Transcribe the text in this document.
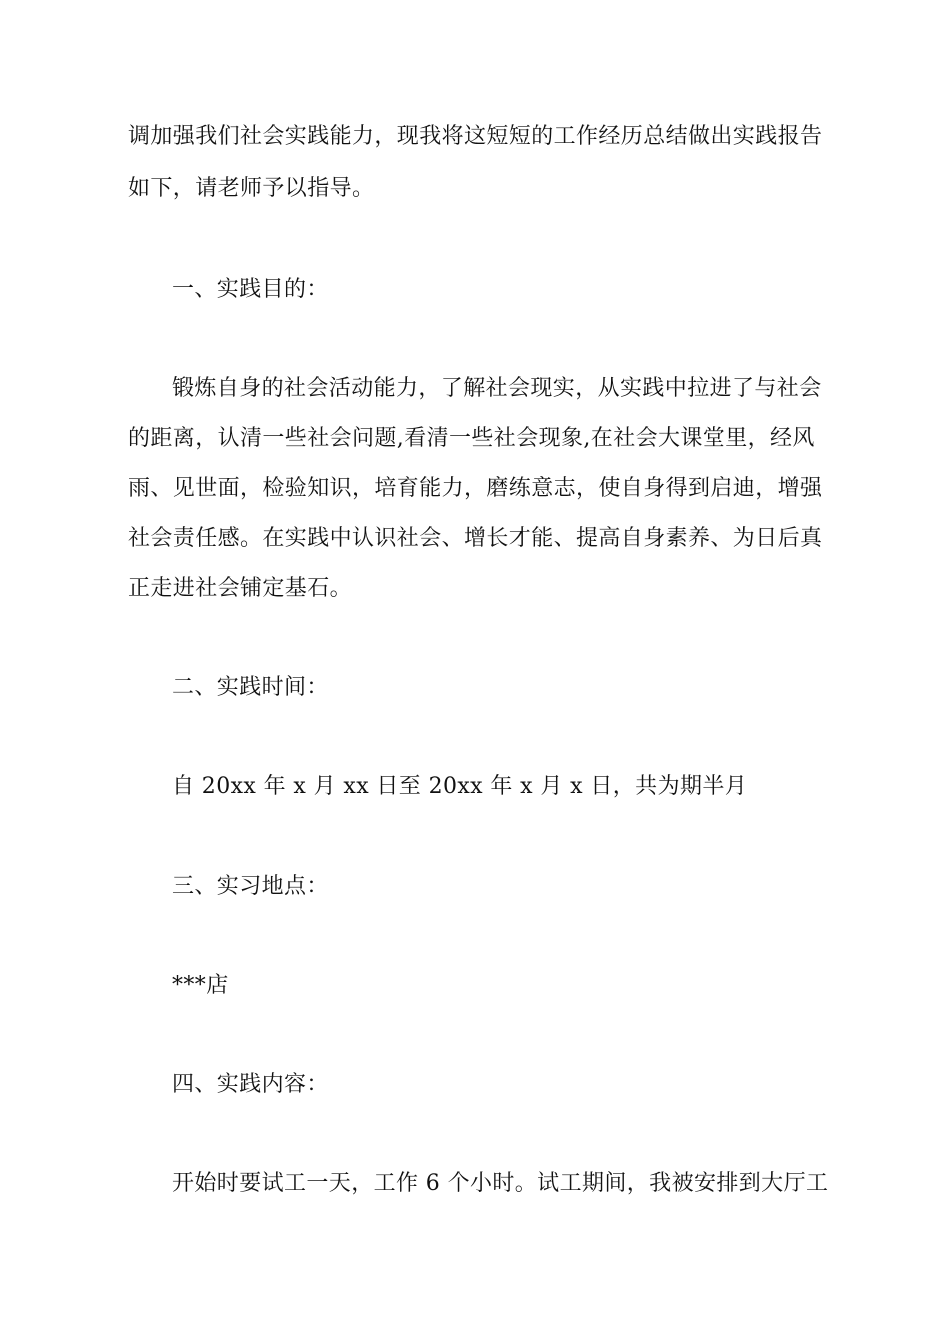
调加强我们社会实践能力，现我将这短短的工作经历总结做出实践报告
如下，请老师予以指导。
一、实践目的：
锻炼自身的社会活动能力，了解社会现实，从实践中拉进了与社会
的距离，认清一些社会问题,看清一些社会现象,在社会大课堂里，经风
雨、见世面，检验知识，培育能力，磨练意志，使自身得到启迪，增强
社会责任感。在实践中认识社会、增长才能、提高自身素养、为日后真
正走进社会铺定基石。
二、实践时间：
自 20xx 年 x 月 xx 日至 20xx 年 x 月 x 日，共为期半月
三、实习地点：
***店
四、实践内容：
开始时要试工一天，工作 6 个小时。试工期间，我被安排到大厅工
